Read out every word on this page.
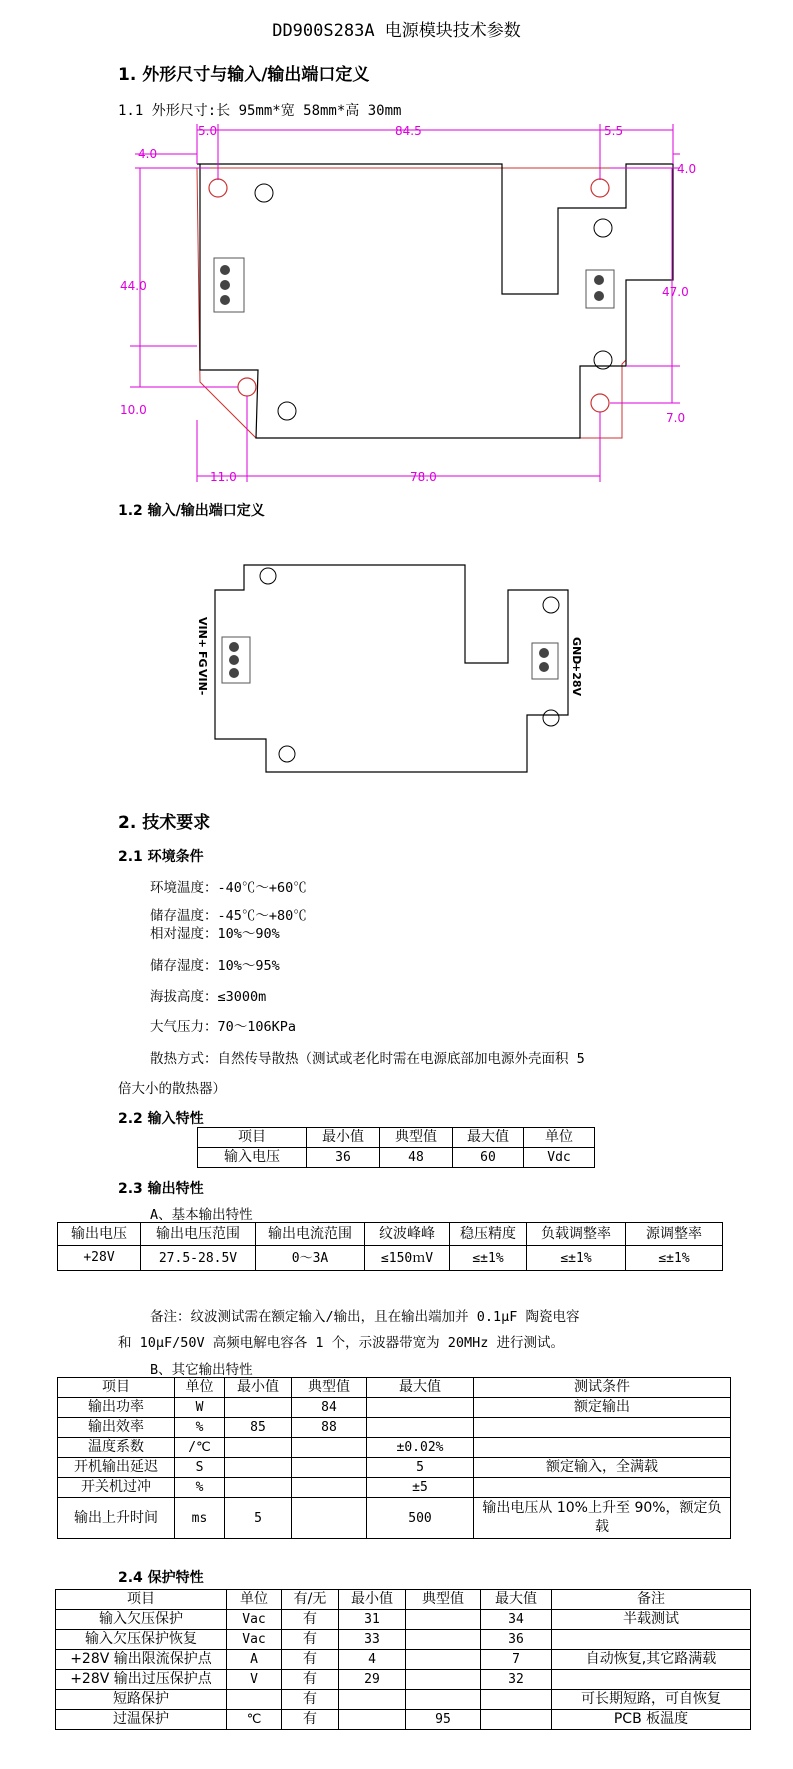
DD900S283A 电源模块技术参数
1. 外形尺寸与输入/输出端口定义
1.1 外形尺寸:长 95mm*宽 58mm*高 30mm
5.0	84.5	5.5
4.0
4.0
44.0	47.0
10.0
7.0
11.0	78.0
1.2 输入/输出端口定义
VIN+
FG
VIN-
GND
+28V
2. 技术要求
2.1 环境条件
环境温度：-40℃～+60℃
储存温度：-45℃～+80℃
相对湿度：10%～90%
储存湿度：10%～95%
海拔高度：≤3000m
大气压力：70～106KPa
散热方式：自然传导散热（测试或老化时需在电源底部加电源外壳面积 5
倍大小的散热器）
2.2 输入特性
项目	最小值	典型值	最大值	单位
输入电压	36	48	60	Vdc
2.3 输出特性
A、基本输出特性
输出电压	输出电压范围	输出电流范围	纹波峰峰	稳压精度	负载调整率	源调整率
+28V	27.5-28.5V	0～3A	≤150ｍV	≤±1%	≤±1%	≤±1%
备注：纹波测试需在额定输入/输出，且在输出端加并 0.1μF 陶瓷电容
和 10μF/50V 高频电解电容各 1 个，示波器带宽为 20MHz 进行测试。
B、其它输出特性
项目	单位	最小值	典型值	最大值	测试条件
输出功率	W		84		额定输出
输出效率	%	85	88		
温度系数	/℃			±0.02%	
开机输出延迟	S			5	额定输入，全满载
开关机过冲	%			±5	
输出上升时间	ms	5		500	输出电压从 10%上升至 90%，额定负载
2.4 保护特性
项目	单位	有/无	最小值	典型值	最大值	备注
输入欠压保护	Vac	有	31		34	半载测试
输入欠压保护恢复	Vac	有	33		36	
+28V 输出限流保护点	A	有	4		7	自动恢复,其它路满载
+28V 输出过压保护点	V	有	29		32	
短路保护		有				可长期短路，可自恢复
过温保护	℃	有		95		PCB 板温度
